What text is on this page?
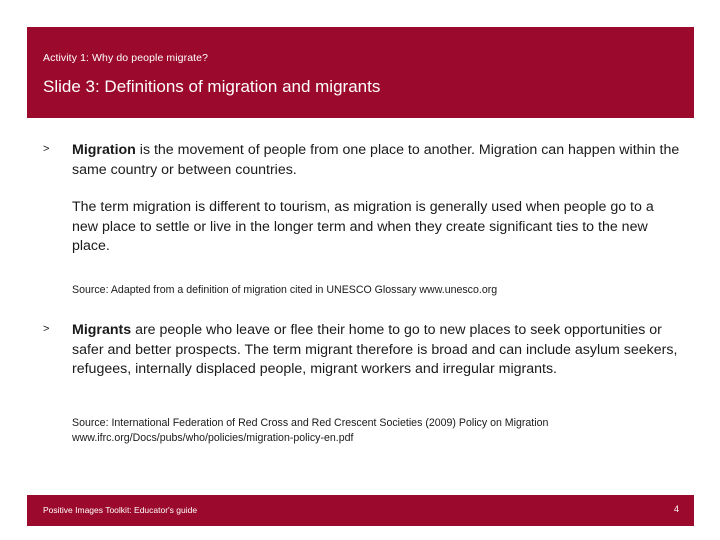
Activity 1: Why do people migrate?
Slide 3: Definitions of migration and migrants
> Migration is the movement of people from one place to another. Migration can happen within the same country or between countries.
The term migration is different to tourism, as migration is generally used when people go to a new place to settle or live in the longer term and when they create significant ties to the new place.
Source: Adapted from a definition of migration cited in UNESCO Glossary www.unesco.org
> Migrants are people who leave or flee their home to go to new places to seek opportunities or safer and better prospects. The term migrant therefore is broad and can include asylum seekers, refugees, internally displaced people, migrant workers and irregular migrants.
Source: International Federation of Red Cross and Red Crescent Societies (2009) Policy on Migration www.ifrc.org/Docs/pubs/who/policies/migration-policy-en.pdf
Positive Images Toolkit: Educator's guide	4
